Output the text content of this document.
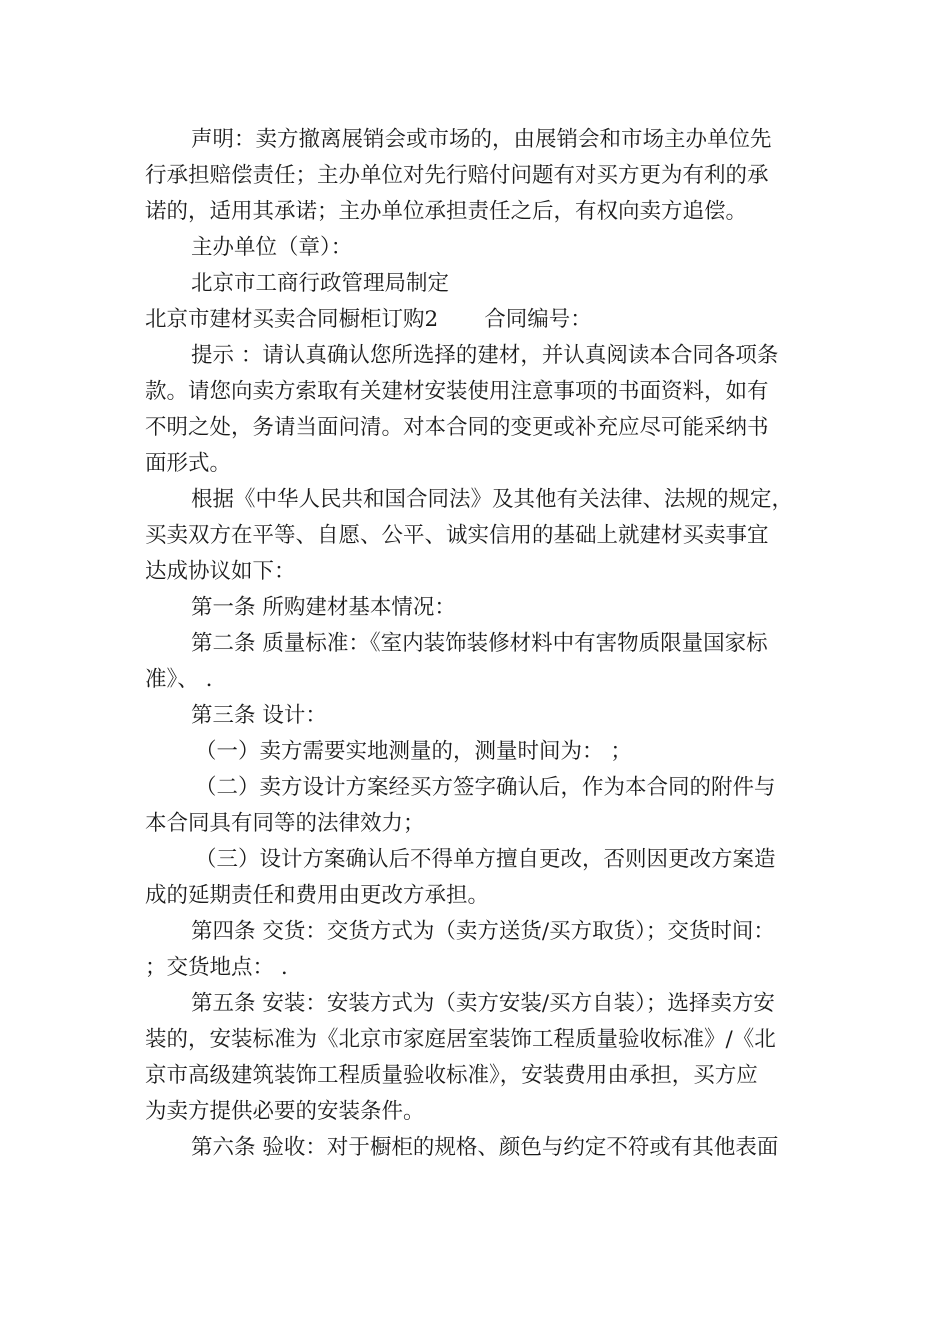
声明：卖方撤离展销会或市场的，由展销会和市场主办单位先
行承担赔偿责任；主办单位对先行赔付问题有对买方更为有利的承
诺的，适用其承诺；主办单位承担责任之后，有权向卖方追偿。
主办单位（章）：
北京市工商行政管理局制定
北京市建材买卖合同橱柜订购2 合同编号：
提示 ：请认真确认您所选择的建材，并认真阅读本合同各项条
款。请您向卖方索取有关建材安装使用注意事项的书面资料，如有
不明之处，务请当面问清。对本合同的变更或补充应尽可能采纳书
面形式。
根据《中华人民共和国合同法》及其他有关法律、法规的规定，
买卖双方在平等、自愿、公平、诚实信用的基础上就建材买卖事宜
达成协议如下：
第一条 所购建材基本情况：
第二条 质量标准：《室内装饰装修材料中有害物质限量国家标
准》、 .
第三条 设计：
（一）卖方需要实地测量的，测量时间为： ；
（二）卖方设计方案经买方签字确认后，作为本合同的附件与
本合同具有同等的法律效力；
（三）设计方案确认后不得单方擅自更改，否则因更改方案造
成的延期责任和费用由更改方承担。
第四条 交货：交货方式为（卖方送货/买方取货）；交货时间：
；交货地点： .
第五条 安装：安装方式为（卖方安装/买方自装）；选择卖方安
装的，安装标准为《北京市家庭居室装饰工程质量验收标准》/《北
京市高级建筑装饰工程质量验收标准》，安装费用由承担，买方应
为卖方提供必要的安装条件。
第六条 验收：对于橱柜的规格、颜色与约定不符或有其他表面
